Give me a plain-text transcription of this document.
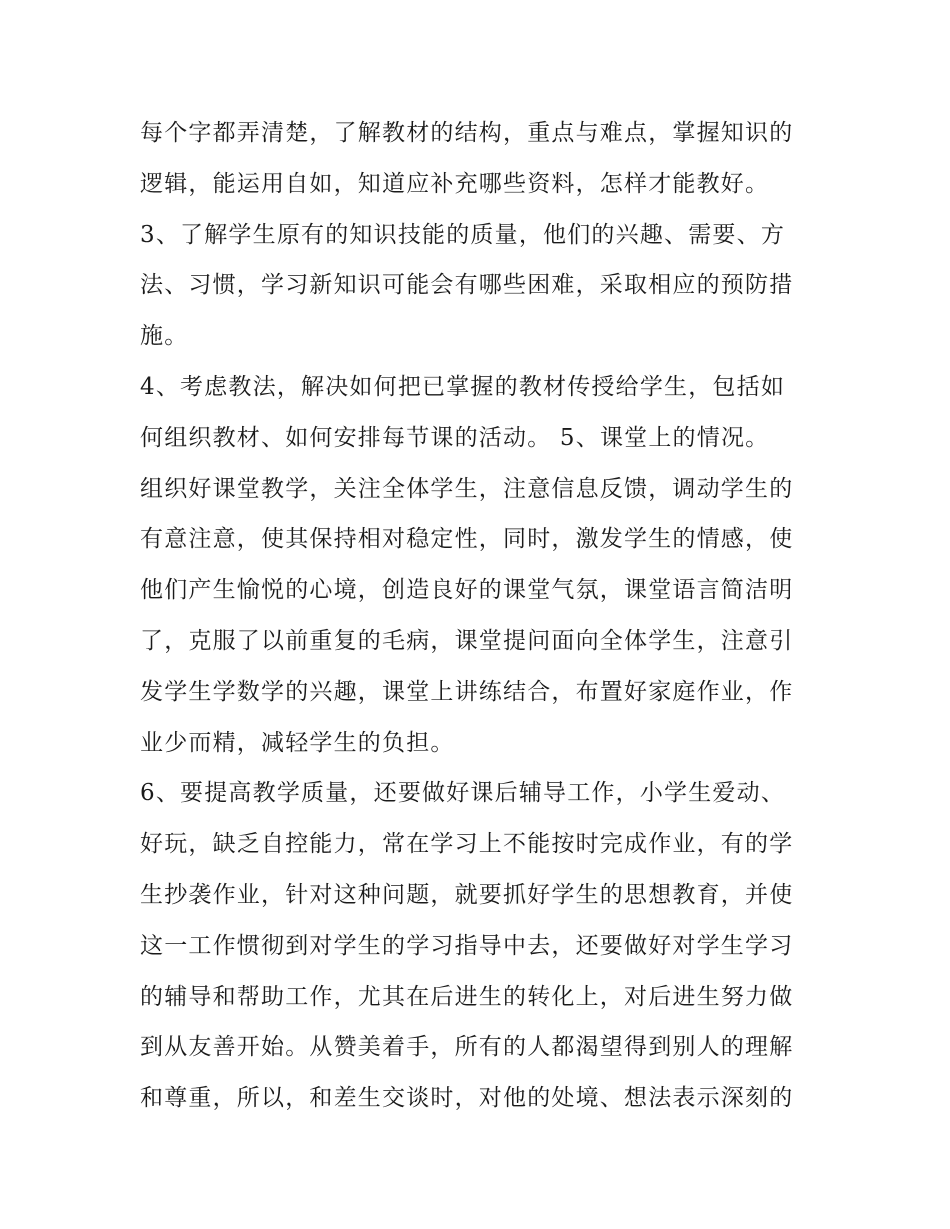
每个字都弄清楚，了解教材的结构，重点与难点，掌握知识的
逻辑，能运用自如，知道应补充哪些资料，怎样才能教好。
3、了解学生原有的知识技能的质量，他们的兴趣、需要、方
法、习惯，学习新知识可能会有哪些困难，采取相应的预防措
施。
4、考虑教法，解决如何把已掌握的教材传授给学生，包括如
何组织教材、如何安排每节课的活动。 5、课堂上的情况。
组织好课堂教学，关注全体学生，注意信息反馈，调动学生的
有意注意，使其保持相对稳定性，同时，激发学生的情感，使
他们产生愉悦的心境，创造良好的课堂气氛，课堂语言简洁明
了，克服了以前重复的毛病，课堂提问面向全体学生，注意引
发学生学数学的兴趣，课堂上讲练结合，布置好家庭作业，作
业少而精，减轻学生的负担。
6、要提高教学质量，还要做好课后辅导工作，小学生爱动、
好玩，缺乏自控能力，常在学习上不能按时完成作业，有的学
生抄袭作业，针对这种问题，就要抓好学生的思想教育，并使
这一工作惯彻到对学生的学习指导中去，还要做好对学生学习
的辅导和帮助工作，尤其在后进生的转化上，对后进生努力做
到从友善开始。从赞美着手，所有的人都渴望得到别人的理解
和尊重，所以，和差生交谈时，对他的处境、想法表示深刻的
